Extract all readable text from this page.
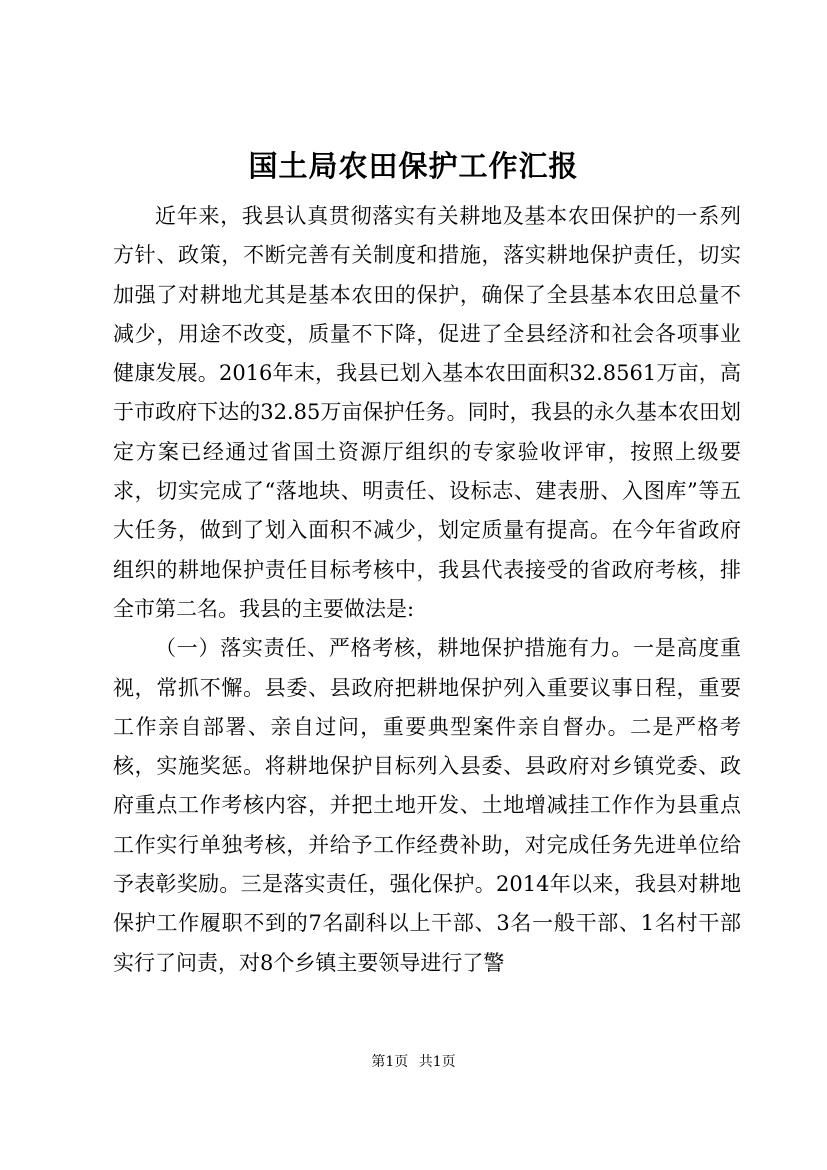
国土局农田保护工作汇报

近年来，我县认真贯彻落实有关耕地及基本农田保护的一系列方针、政策，不断完善有关制度和措施，落实耕地保护责任，切实加强了对耕地尤其是基本农田的保护，确保了全县基本农田总量不减少，用途不改变，质量不下降，促进了全县经济和社会各项事业健康发展。2016年末，我县已划入基本农田面积32.8561万亩，高于市政府下达的32.85万亩保护任务。同时，我县的永久基本农田划定方案已经通过省国土资源厅组织的专家验收评审，按照上级要求，切实完成了“落地块、明责任、设标志、建表册、入图库”等五大任务，做到了划入面积不减少，划定质量有提高。在今年省政府组织的耕地保护责任目标考核中，我县代表接受的省政府考核，排全市第二名。我县的主要做法是:

（一）落实责任、严格考核，耕地保护措施有力。一是高度重视，常抓不懈。县委、县政府把耕地保护列入重要议事日程，重要工作亲自部署、亲自过问，重要典型案件亲自督办。二是严格考核，实施奖惩。将耕地保护目标列入县委、县政府对乡镇党委、政府重点工作考核内容，并把土地开发、土地增减挂工作作为县重点工作实行单独考核，并给予工作经费补助，对完成任务先进单位给予表彰奖励。三是落实责任，强化保护。2014年以来，我县对耕地保护工作履职不到的7名副科以上干部、3名一般干部、1名村干部实行了问责，对8个乡镇主要领导进行了警

第1页 共1页
